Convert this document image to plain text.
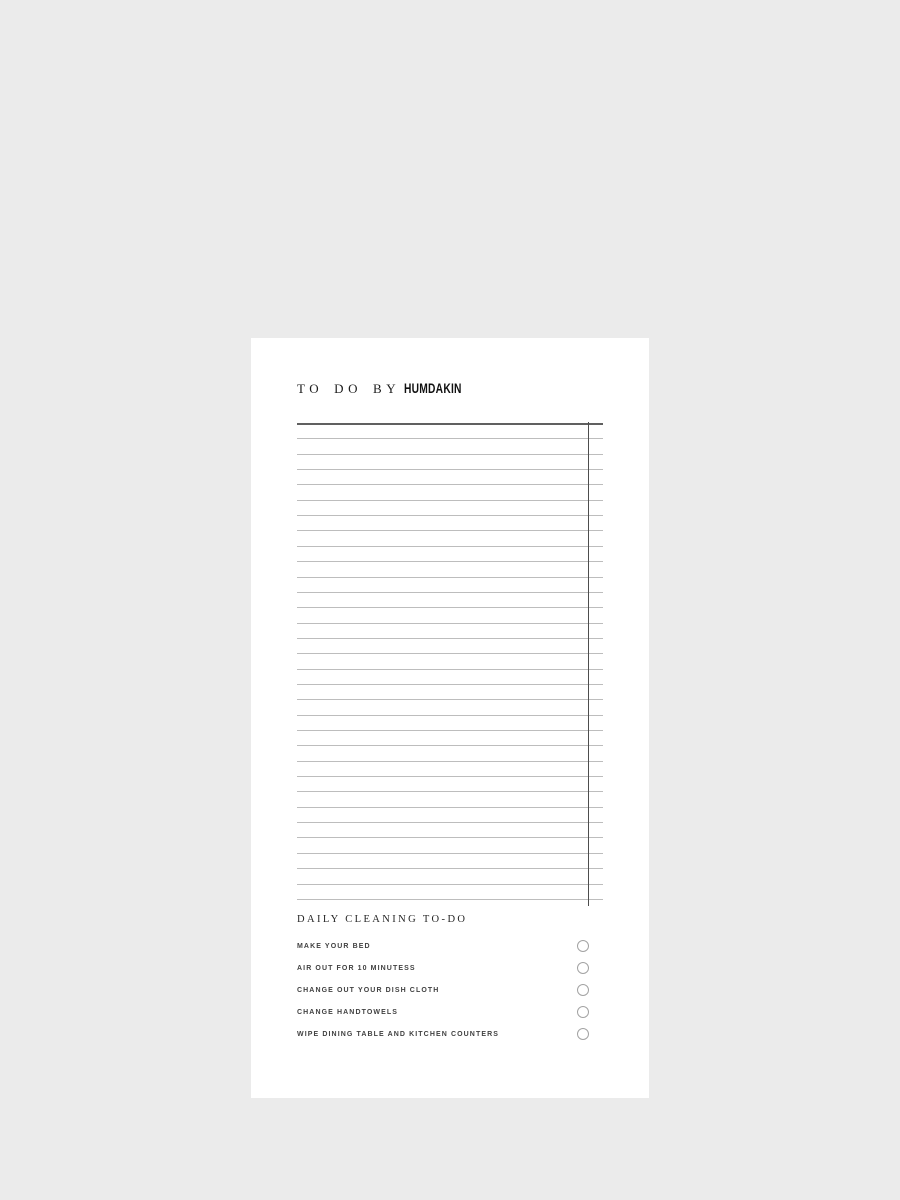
TO DO BY HUMDAKIN
DAILY CLEANING TO-DO
MAKE YOUR BED
AIR OUT FOR 10 MINUTESS
CHANGE OUT YOUR DISH CLOTH
CHANGE HANDTOWELS
WIPE DINING TABLE AND KITCHEN COUNTERS
